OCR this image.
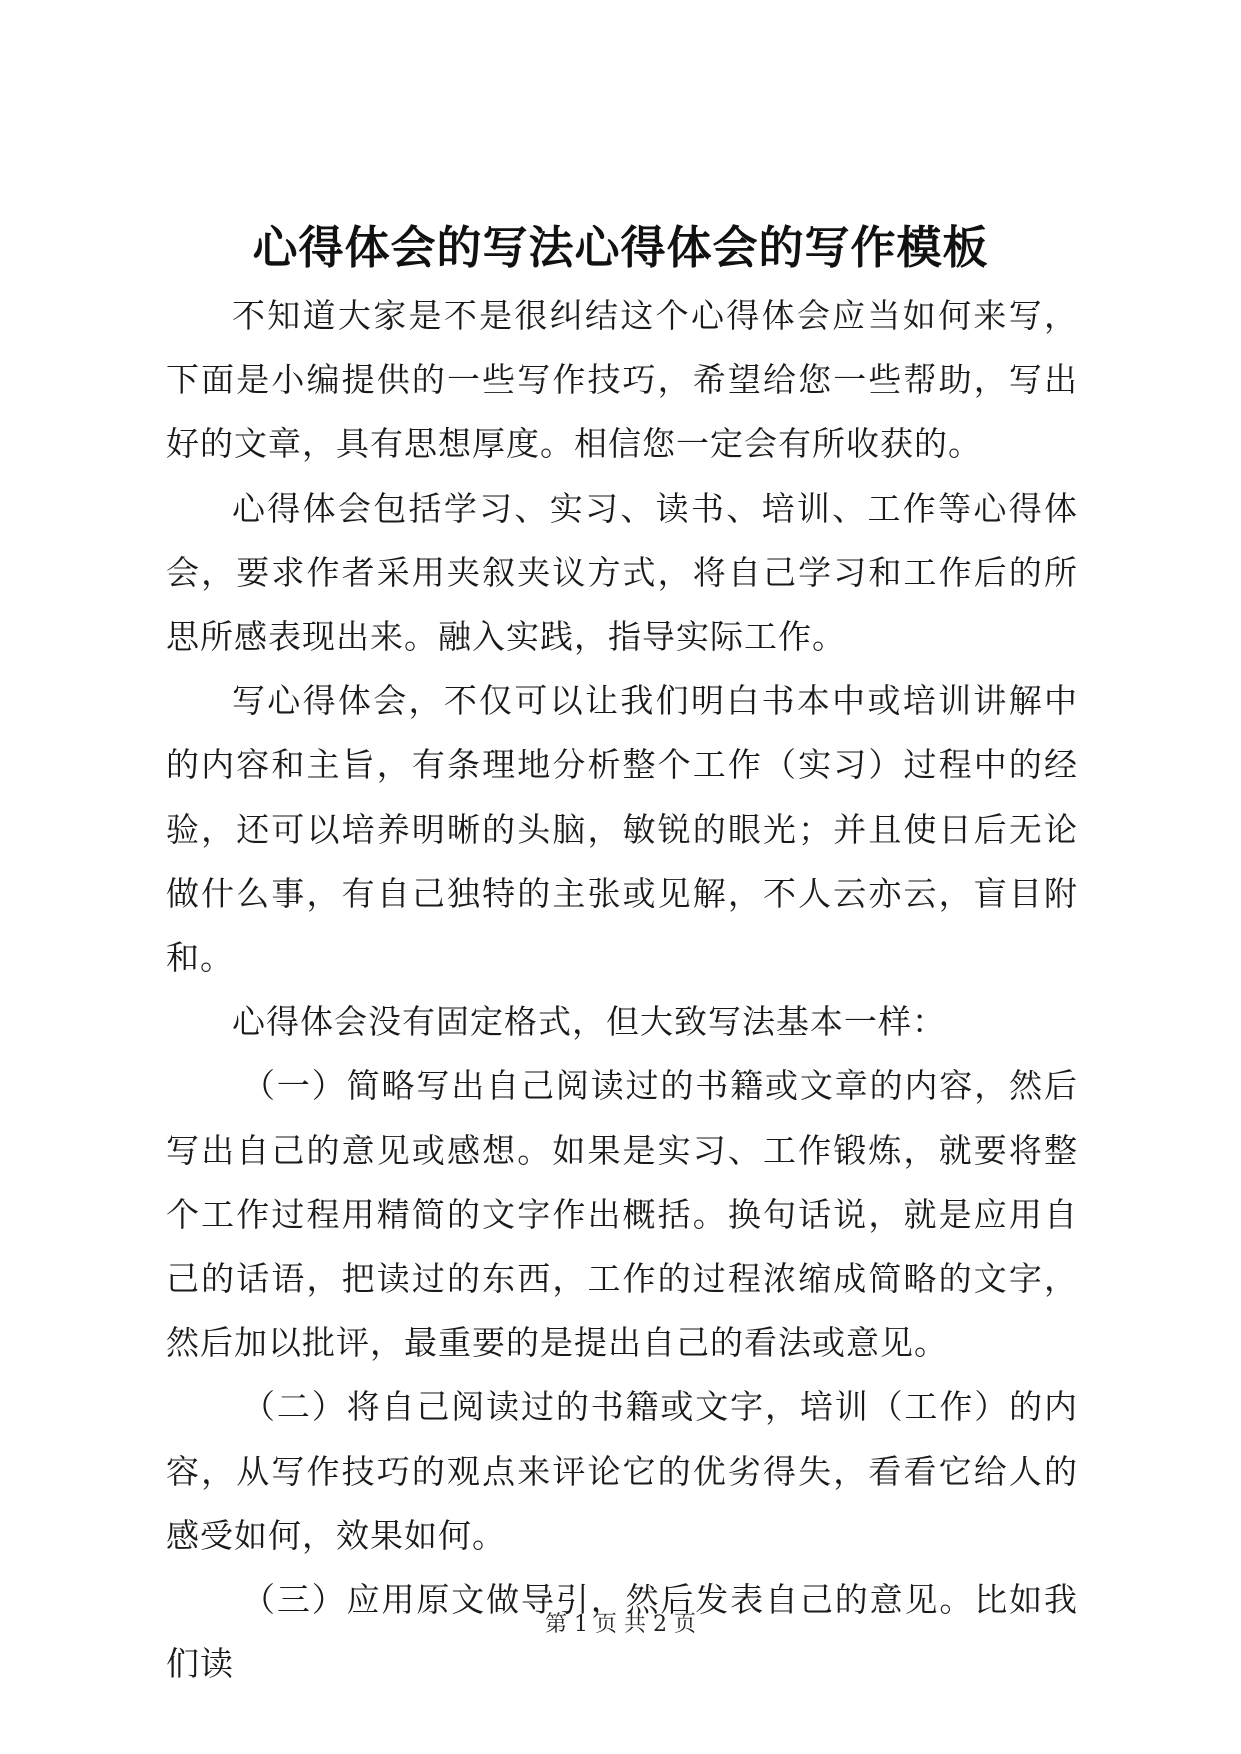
心得体会的写法心得体会的写作模板

不知道大家是不是很纠结这个心得体会应当如何来写，下面是小编提供的一些写作技巧，希望给您一些帮助，写出好的文章，具有思想厚度。相信您一定会有所收获的。

心得体会包括学习、实习、读书、培训、工作等心得体会，要求作者采用夹叙夹议方式，将自己学习和工作后的所思所感表现出来。融入实践，指导实际工作。

写心得体会，不仅可以让我们明白书本中或培训讲解中的内容和主旨，有条理地分析整个工作（实习）过程中的经验，还可以培养明晰的头脑，敏锐的眼光；并且使日后无论做什么事，有自己独特的主张或见解，不人云亦云，盲目附和。

心得体会没有固定格式，但大致写法基本一样：

（一）简略写出自己阅读过的书籍或文章的内容，然后写出自己的意见或感想。如果是实习、工作锻炼，就要将整个工作过程用精简的文字作出概括。换句话说，就是应用自己的话语，把读过的东西，工作的过程浓缩成简略的文字，然后加以批评，最重要的是提出自己的看法或意见。

（二）将自己阅读过的书籍或文字，培训（工作）的内容，从写作技巧的观点来评论它的优劣得失，看看它给人的感受如何，效果如何。

（三）应用原文做导引，然后发表自己的意见。比如我们读

第 1 页 共 2 页
